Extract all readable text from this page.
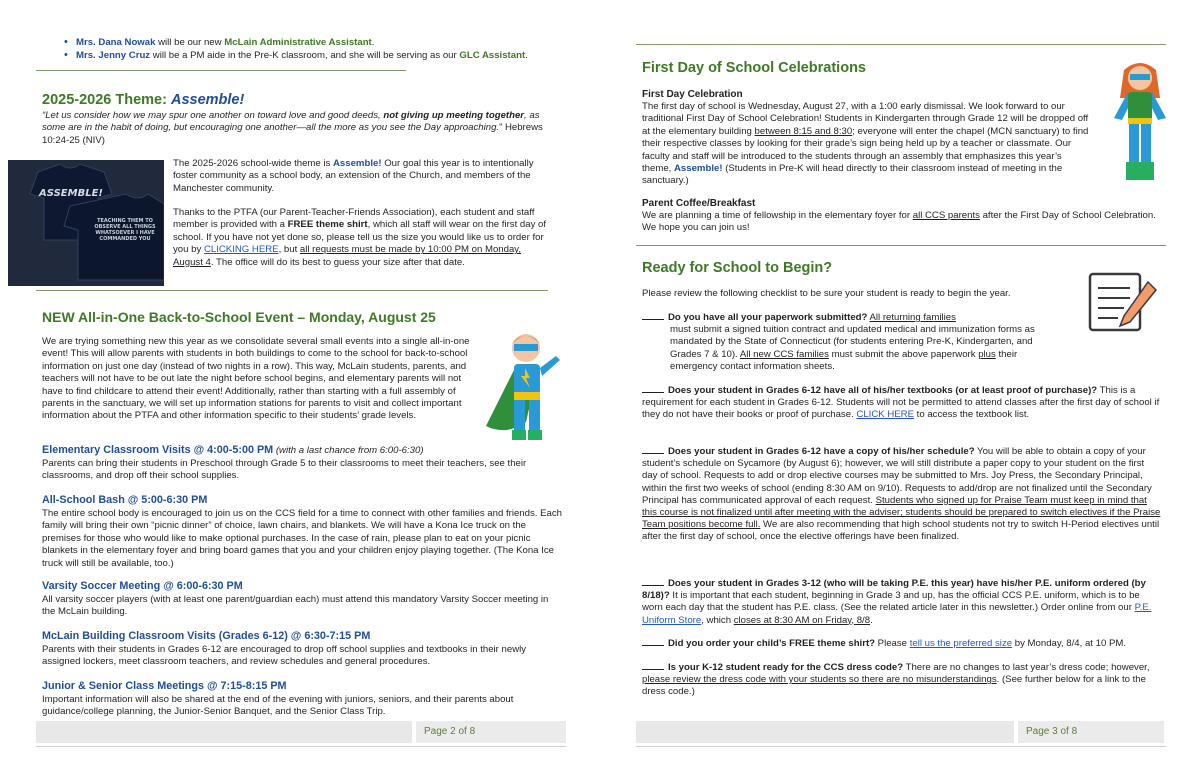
• Mrs. Dana Nowak will be our new McLain Administrative Assistant.
• Mrs. Jenny Cruz will be a PM aide in the Pre-K classroom, and she will be serving as our GLC Assistant.
2025-2026 Theme: Assemble!
“Let us consider how we may spur one another on toward love and good deeds, not giving up meeting together, as some are in the habit of doing, but encouraging one another—all the more as you see the Day approaching.” Hebrews 10:24-25 (NIV)
ASSEMBLE!
TEACHING THEM TO OBSERVE ALL THINGS WHATSOEVER I HAVE COMMANDED YOU
The 2025-2026 school-wide theme is Assemble! Our goal this year is to intentionally foster community as a school body, an extension of the Church, and members of the Manchester community.
Thanks to the PTFA (our Parent-Teacher-Friends Association), each student and staff member is provided with a FREE theme shirt, which all staff will wear on the first day of school. If you have not yet done so, please tell us the size you would like us to order for you by CLICKING HERE, but all requests must be made by 10:00 PM on Monday, August 4. The office will do its best to guess your size after that date.
NEW All-in-One Back-to-School Event – Monday, August 25
We are trying something new this year as we consolidate several small events into a single all-in-one event! This will allow parents with students in both buildings to come to the school for back-to-school information on just one day (instead of two nights in a row). This way, McLain students, parents, and teachers will not have to be out late the night before school begins, and elementary parents will not have to find childcare to attend their event! Additionally, rather than starting with a full assembly of parents in the sanctuary, we will set up information stations for parents to visit and collect important information about the PTFA and other information specific to their students’ grade levels.
Elementary Classroom Visits @ 4:00-5:00 PM (with a last chance from 6:00-6:30)
Parents can bring their students in Preschool through Grade 5 to their classrooms to meet their teachers, see their classrooms, and drop off their school supplies.
All-School Bash @ 5:00-6:30 PM
The entire school body is encouraged to join us on the CCS field for a time to connect with other families and friends. Each family will bring their own “picnic dinner” of choice, lawn chairs, and blankets. We will have a Kona Ice truck on the premises for those who would like to make optional purchases. In the case of rain, please plan to eat on your picnic blankets in the elementary foyer and bring board games that you and your children enjoy playing together. (The Kona Ice truck will still be available, too.)
Varsity Soccer Meeting @ 6:00-6:30 PM
All varsity soccer players (with at least one parent/guardian each) must attend this mandatory Varsity Soccer meeting in the McLain building.
McLain Building Classroom Visits (Grades 6-12) @ 6:30-7:15 PM
Parents with their students in Grades 6-12 are encouraged to drop off school supplies and textbooks in their newly assigned lockers, meet classroom teachers, and review schedules and general procedures.
Junior & Senior Class Meetings @ 7:15-8:15 PM
Important information will also be shared at the end of the evening with juniors, seniors, and their parents about guidance/college planning, the Junior-Senior Banquet, and the Senior Class Trip.
Page 2 of 8
First Day of School Celebrations
First Day Celebration
The first day of school is Wednesday, August 27, with a 1:00 early dismissal. We look forward to our traditional First Day of School Celebration! Students in Kindergarten through Grade 12 will be dropped off at the elementary building between 8:15 and 8:30; everyone will enter the chapel (MCN sanctuary) to find their respective classes by looking for their grade’s sign being held up by a teacher or classmate. Our faculty and staff will be introduced to the students through an assembly that emphasizes this year’s theme, Assemble! (Students in Pre-K will head directly to their classroom instead of meeting in the sanctuary.)
Parent Coffee/Breakfast
We are planning a time of fellowship in the elementary foyer for all CCS parents after the First Day of School Celebration. We hope you can join us!
Ready for School to Begin?
Please review the following checklist to be sure your student is ready to begin the year.
Do you have all your paperwork submitted? All returning families
must submit a signed tuition contract and updated medical and immunization forms as mandated by the State of Connecticut (for students entering Pre-K, Kindergarten, and Grades 7 & 10). All new CCS families must submit the above paperwork plus their emergency contact information sheets.
Does your student in Grades 6-12 have all of his/her textbooks (or at least proof of purchase)? This is a requirement for each student in Grades 6-12. Students will not be permitted to attend classes after the first day of school if they do not have their books or proof of purchase. CLICK HERE to access the textbook list.
Does your student in Grades 6-12 have a copy of his/her schedule? You will be able to obtain a copy of your student’s schedule on Sycamore (by August 6); however, we will still distribute a paper copy to your student on the first day of school. Requests to add or drop elective courses may be submitted to Mrs. Joy Press, the Secondary Principal, within the first two weeks of school (ending 8:30 AM on 9/10). Requests to add/drop are not finalized until the Secondary Principal has communicated approval of each request. Students who signed up for Praise Team must keep in mind that this course is not finalized until after meeting with the adviser; students should be prepared to switch electives if the Praise Team positions become full. We are also recommending that high school students not try to switch H-Period electives until after the first day of school, once the elective offerings have been finalized.
Does your student in Grades 3-12 (who will be taking P.E. this year) have his/her P.E. uniform ordered (by 8/18)? It is important that each student, beginning in Grade 3 and up, has the official CCS P.E. uniform, which is to be worn each day that the student has P.E. class. (See the related article later in this newsletter.) Order online from our P.E. Uniform Store, which closes at 8:30 AM on Friday, 8/8.
Did you order your child’s FREE theme shirt? Please tell us the preferred size by Monday, 8/4, at 10 PM.
Is your K-12 student ready for the CCS dress code? There are no changes to last year’s dress code; however, please review the dress code with your students so there are no misunderstandings. (See further below for a link to the dress code.)
Page 3 of 8
